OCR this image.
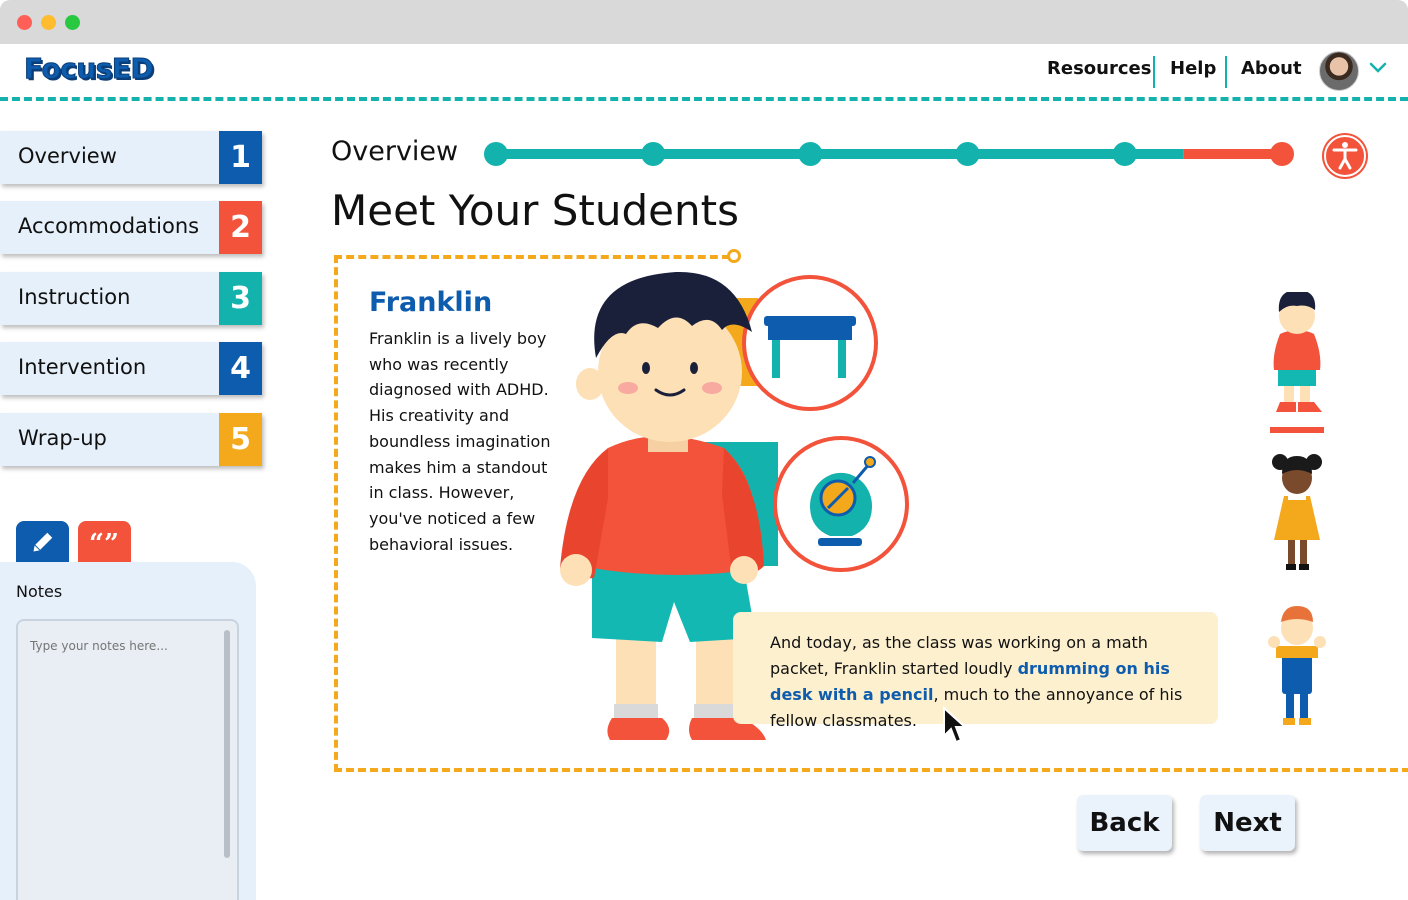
FocusED	Resources Help About
Overview	1
Accommodations	2
Instruction	3
Intervention	4
Wrap-up	5
“”
Notes
Type your notes here...
Overview
Meet Your Students
Franklin
Franklin is a lively boy who was recently diagnosed with ADHD. His creativity and boundless imagination makes him a standout in class. However, you've noticed a few behavioral issues.
And today, as the class was working on a math packet, Franklin started loudly drumming on his desk with a pencil, much to the annoyance of his fellow classmates.
Back	Next
